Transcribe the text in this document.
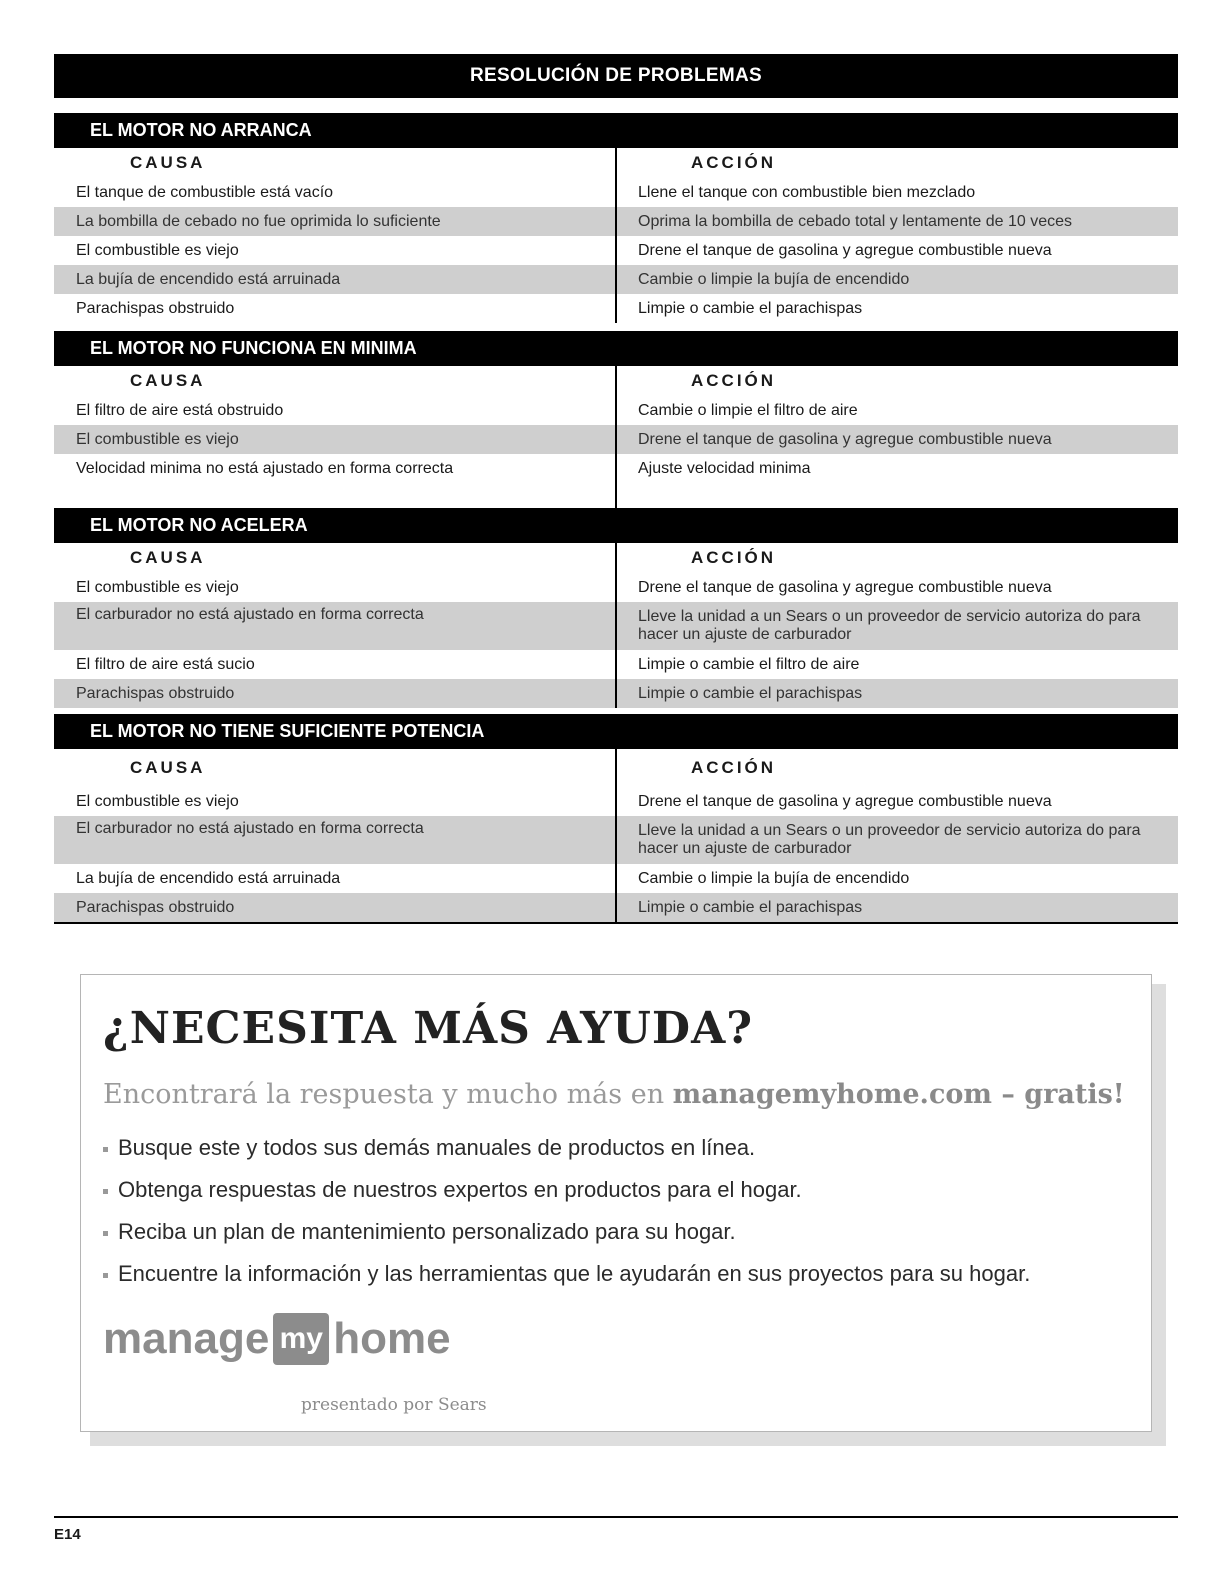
RESOLUCIÓN DE PROBLEMAS
EL MOTOR NO ARRANCA
CAUSA	ACCIÓN
El tanque de combustible está vacío	Llene el tanque con combustible bien mezclado
La bombilla de cebado no fue oprimida lo suficiente	Oprima la bombilla de cebado total y lentamente de 10 veces
El combustible es viejo	Drene el tanque de gasolina y agregue combustible nueva
La bujía de encendido está arruinada	Cambie o limpie la bujía de encendido
Parachispas obstruido	Limpie o cambie el parachispas
EL MOTOR NO FUNCIONA EN MINIMA
CAUSA	ACCIÓN
El filtro de aire está obstruido	Cambie o limpie el filtro de aire
El combustible es viejo	Drene el tanque de gasolina y agregue combustible nueva
Velocidad minima no está ajustado en forma correcta	Ajuste velocidad minima
EL MOTOR NO ACELERA
CAUSA	ACCIÓN
El combustible es viejo	Drene el tanque de gasolina y agregue combustible nueva
El carburador no está ajustado en forma correcta	Lleve la unidad a un Sears o un proveedor de servicio autoriza do para hacer un ajuste de carburador
El filtro de aire está sucio	Limpie o cambie el filtro de aire
Parachispas obstruido	Limpie o cambie el parachispas
EL MOTOR NO TIENE SUFICIENTE POTENCIA
CAUSA	ACCIÓN
El combustible es viejo	Drene el tanque de gasolina y agregue combustible nueva
El carburador no está ajustado en forma correcta	Lleve la unidad a un Sears o un proveedor de servicio autoriza do para hacer un ajuste de carburador
La bujía de encendido está arruinada	Cambie o limpie la bujía de encendido
Parachispas obstruido	Limpie o cambie el parachispas
¿NECESITA MÁS AYUDA?
Encontrará la respuesta y mucho más en managemyhome.com – gratis!
Busque este y todos sus demás manuales de productos en línea.
Obtenga respuestas de nuestros expertos en productos para el hogar.
Reciba un plan de mantenimiento personalizado para su hogar.
Encuentre la información y las herramientas que le ayudarán en sus proyectos para su hogar.
manage my home
presentado por Sears
E14
